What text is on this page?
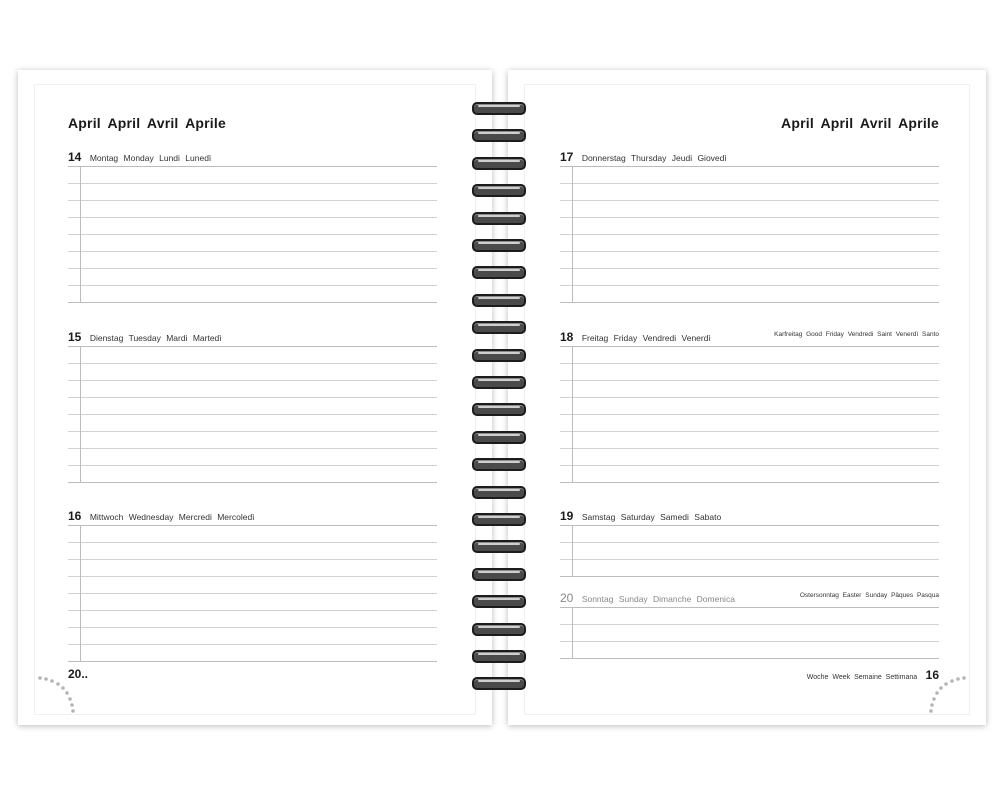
April April Avril Aprile
14 Montag Monday Lundi Lunedì
15 Dienstag Tuesday Mardi Martedì
16 Mittwoch Wednesday Mercredi Mercoledì
20..
April April Avril Aprile
17 Donnerstag Thursday Jeudi Giovedì
18 Freitag Friday Vendredi Venerdì	Karfreitag Good Friday Vendredi Saint Venerdì Santo
19 Samstag Saturday Samedi Sabato
20 Sonntag Sunday Dimanche Domenica	Ostersonntag Easter Sunday Pâques Pasqua
Woche Week Semaine Settimana 16
